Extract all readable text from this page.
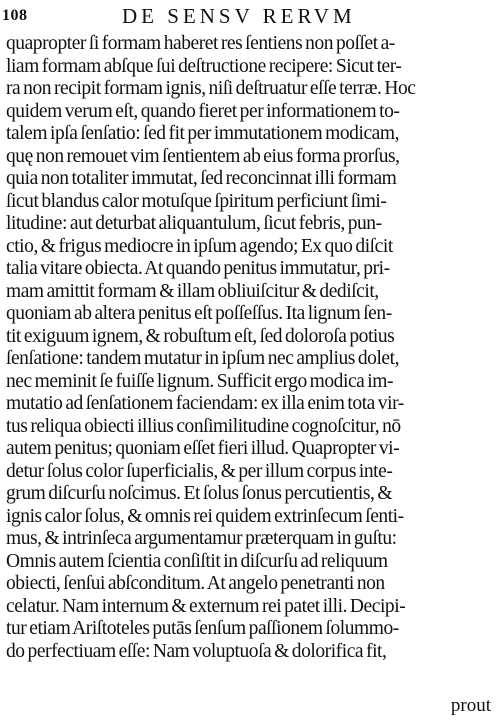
108	DE SENSV RERVM
quapropter ſi formam haberet res ſentiens non poſſet a-
liam formam abſque ſui deſtructione recipere: Sicut ter-
ra non recipit formam ignis, niſi deſtruatur eſſe terræ. Hoc
quidem verum eſt, quando fieret per informationem to-
talem ipſa ſenſatio: ſed fit per immutationem modicam,
quę non remouet vim ſentientem ab eius forma prorſus,
quia non totaliter immutat, ſed reconcinnat illi formam
ſicut blandus calor motuſque ſpiritum perficiunt ſimi-
litudine: aut deturbat aliquantulum, ſicut febris, pun-
ctio, & frigus mediocre in ipſum agendo; Ex quo diſcit
talia vitare obiecta. At quando penitus immutatur, pri-
mam amittit formam & illam obliuiſcitur & dediſcit,
quoniam ab altera penitus eſt poſſeſſus. Ita lignum ſen-
tit exiguum ignem, & robuſtum eſt, ſed doloroſa potius
ſenſatione: tandem mutatur in ipſum nec amplius dolet,
nec meminit ſe fuiſſe lignum. Sufficit ergo modica im-
mutatio ad ſenſationem faciendam: ex illa enim tota vir-
tus reliqua obiecti illius conſimilitudine cognoſcitur, nō
autem penitus; quoniam eſſet fieri illud. Quapropter vi-
detur ſolus color ſuperficialis, & per illum corpus inte-
grum diſcurſu noſcimus. Et ſolus ſonus percutientis, &
ignis calor ſolus, & omnis rei quidem extrinſecum ſenti-
mus, & intrinſeca argumentamur præterquam in guſtu:
Omnis autem ſcientia conſiſtit in diſcurſu ad reliquum
obiecti, ſenſui abſconditum. At angelo penetranti non
celatur. Nam internum & externum rei patet illi. Decipi-
tur etiam Ariſtoteles putās ſenſum paſſionem ſolummo-
do perfectiuam eſſe: Nam voluptuoſa & dolorifica fit,
prout
